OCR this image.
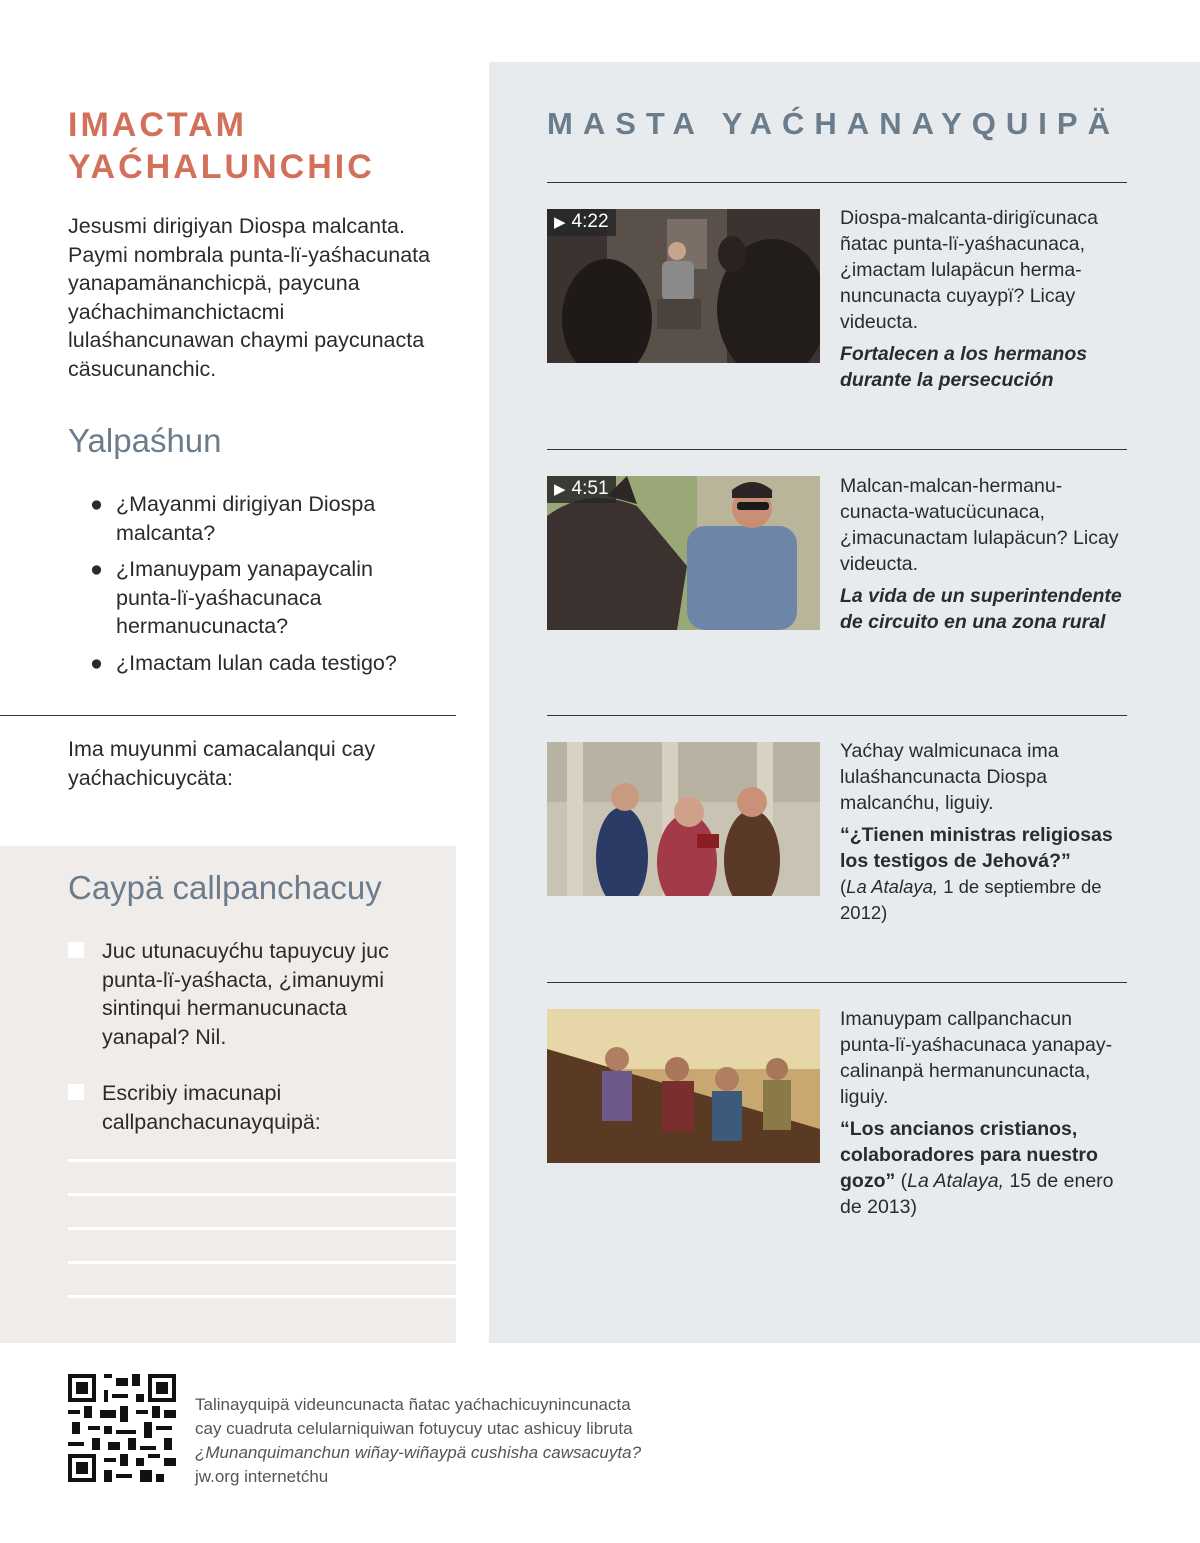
IMACTAM
YAĆHALUNCHIC

Jesusmi dirigiyan Diospa malcanta. Paymi nombrala punta-lï-yaśhacunata yanapamänanchicpä, paycuna yaćhachimanchictacmi lulaśhancunawan chaymi paycunacta cäsucunanchic.

Yalpaśhun
● ¿Mayanmi dirigiyan Diospa malcanta?
● ¿Imanuypam yanapaycalin punta-lï-yaśhacunaca hermanucunacta?
● ¿Imactam lulan cada testigo?

Ima muyunmi camacalanqui cay yaćhachicuycäta:

Caypä callpanchacuy
Juc utunacuyćhu tapuycuy juc punta-lï-yaśhacta, ¿imanuymi sintinqui hermanucunacta yanapal? Nil.
Escribiy imacunapi callpanchacunayquipä:
MASTA YAĆHANAYQUIPÄ
▶ 4:22	Diospa-malcanta-dirigïcunaca ñatac punta-lï-yaśhacunaca, ¿imactam lulapäcun herma-nuncunacta cuyaypï? Licay videucta.

Fortalecen a los hermanos durante la persecución

▶ 4:51	Malcan-malcan-hermanu-cunacta-watucücunaca, ¿imacunactam lulapäcun? Licay videucta.

La vida de un superintendente de circuito en una zona rural

Yaćhay walmicunaca ima lulaśhancunacta Diospa malcanćhu, liguiy.

“¿Tienen ministras religiosas los testigos de Jehová?”

(La Atalaya, 1 de septiembre de 2012)

Imanuypam callpanchacun punta-lï-yaśhacunaca yanapay-calinanpä hermanuncunacta, liguiy.

“Los ancianos cristianos, colaboradores para nuestro gozo” (La Atalaya, 15 de enero de 2013)

Talinayquipä videuncunacta ñatac yaćhachicuynincunacta
cay cuadruta celularniquiwan fotuycuy utac ashicuy libruta
¿Munanquimanchun wiñay-wiñaypä cushisha cawsacuyta?
jw.org internetćhu
